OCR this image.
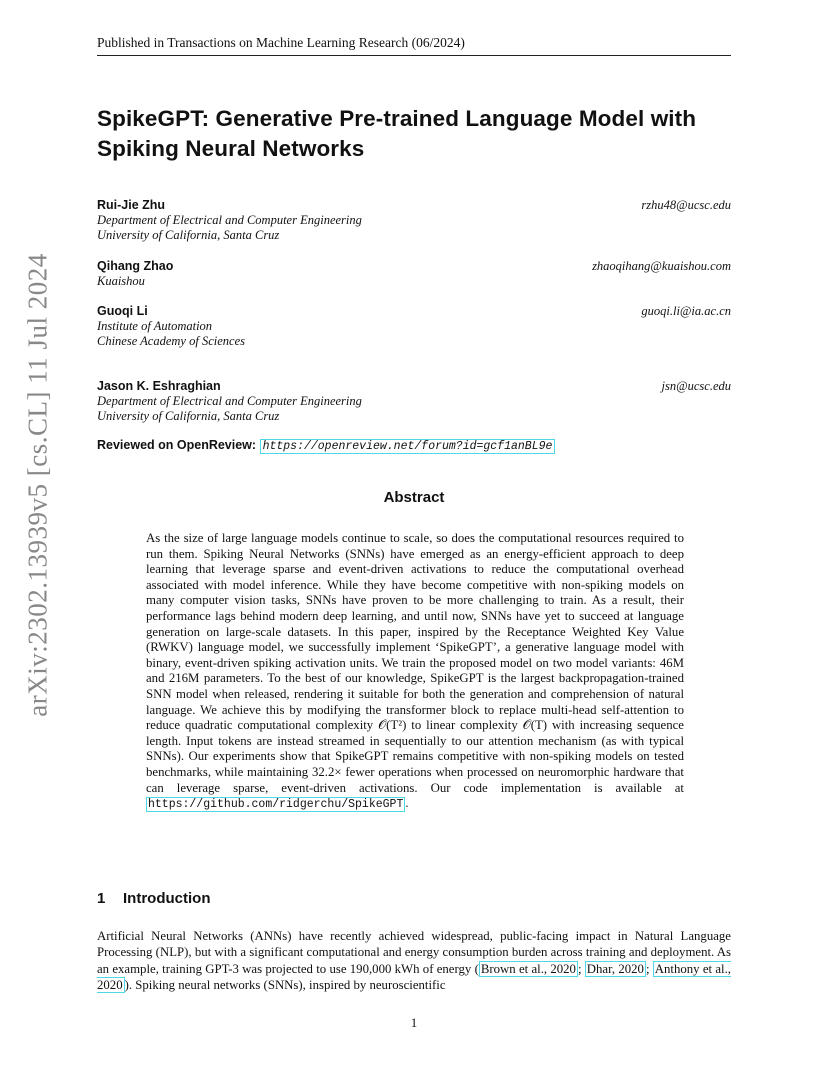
Published in Transactions on Machine Learning Research (06/2024)
arXiv:2302.13939v5 [cs.CL] 11 Jul 2024
SpikeGPT: Generative Pre-trained Language Model with
Spiking Neural Networks
Rui-Jie Zhu
Department of Electrical and Computer Engineering
University of California, Santa Cruz
rzhu48@ucsc.edu
Qihang Zhao
Kuaishou
zhaoqihang@kuaishou.com
Guoqi Li
Institute of Automation
Chinese Academy of Sciences
guoqi.li@ia.ac.cn
Jason K. Eshraghian
Department of Electrical and Computer Engineering
University of California, Santa Cruz
jsn@ucsc.edu
Reviewed on OpenReview: https://openreview.net/forum?id=gcf1anBL9e
Abstract
As the size of large language models continue to scale, so does the computational resources required to run them. Spiking Neural Networks (SNNs) have emerged as an energy-efficient approach to deep learning that leverage sparse and event-driven activations to reduce the computational overhead associated with model inference. While they have become competitive with non-spiking models on many computer vision tasks, SNNs have proven to be more challenging to train. As a result, their performance lags behind modern deep learning, and until now, SNNs have yet to succeed at language generation on large-scale datasets. In this paper, inspired by the Receptance Weighted Key Value (RWKV) language model, we successfully implement ‘SpikeGPT’, a generative language model with binary, event-driven spiking activation units. We train the proposed model on two model variants: 46M and 216M parameters. To the best of our knowledge, SpikeGPT is the largest backpropagation-trained SNN model when released, rendering it suitable for both the generation and comprehension of natural language. We achieve this by modifying the transformer block to replace multi-head self-attention to reduce quadratic computational complexity 𝒪(T²) to linear complexity 𝒪(T) with increasing sequence length. Input tokens are instead streamed in sequentially to our attention mechanism (as with typical SNNs). Our experiments show that SpikeGPT remains competitive with non-spiking models on tested benchmarks, while maintaining 32.2× fewer operations when processed on neuromorphic hardware that can leverage sparse, event-driven activations. Our code implementation is available at https://github.com/ridgerchu/SpikeGPT .
1 Introduction
Artificial Neural Networks (ANNs) have recently achieved widespread, public-facing impact in Natural Language Processing (NLP), but with a significant computational and energy consumption burden across training and deployment. As an example, training GPT-3 was projected to use 190,000 kWh of energy ( Brown et al., 2020 ; Dhar, 2020 ; Anthony et al., 2020 ). Spiking neural networks (SNNs), inspired by neuroscientific
1
